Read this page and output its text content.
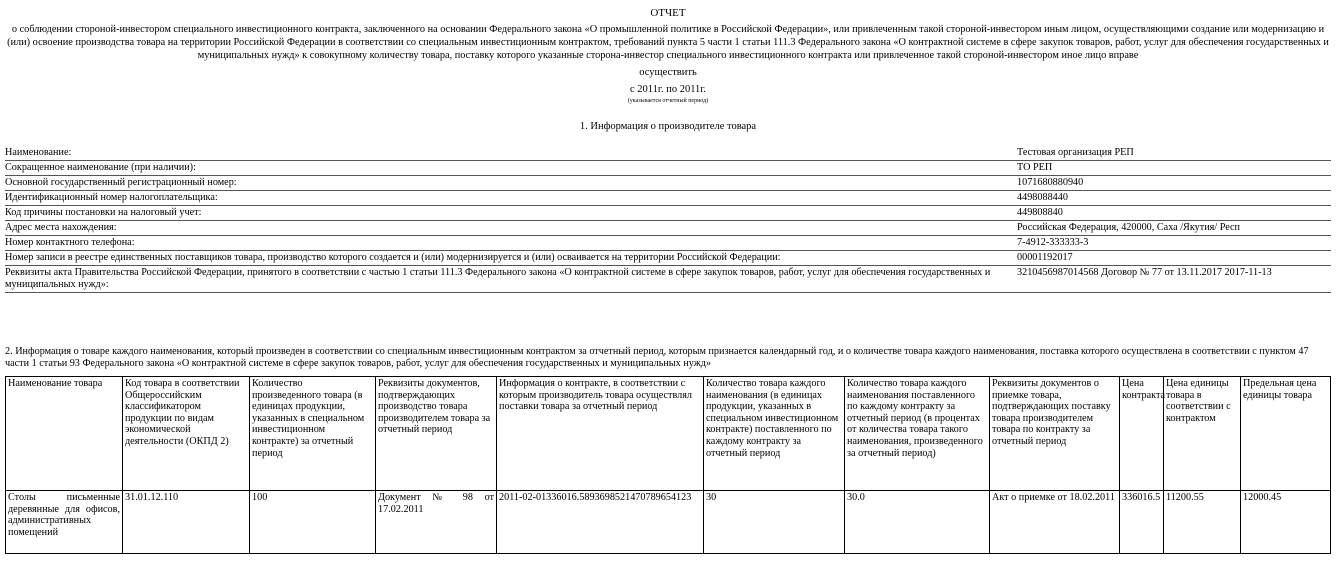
ОТЧЕТ
о соблюдении стороной-инвестором специального инвестиционного контракта, заключенного на основании Федерального закона «О промышленной политике в Российской Федерации», или привлеченным такой стороной-инвестором иным лицом, осуществляющими создание или модернизацию и (или) освоение производства товара на территории Российской Федерации в соответствии со специальным инвестиционным контрактом, требований пункта 5 части 1 статьи 111.3 Федерального закона «О контрактной системе в сфере закупок товаров, работ, услуг для обеспечения государственных и муниципальных нужд» к совокупному количеству товара, поставку которого указанные сторона-инвестор специального инвестиционного контракта или привлеченное такой стороной-инвестором иное лицо вправе
осуществить
с 2011г. по 2011г.
(указывается отчетный период)
1. Информация о производителе товара
Наименование:	Тестовая организация РЕП
Сокращенное наименование (при наличии):	ТО РЕП
Основной государственный регистрационный номер:	1071680880940
Идентификационный номер налогоплательщика:	4498088440
Код причины постановки на налоговый учет:	449808840
Адрес места нахождения:	Российская Федерация, 420000, Саха /Якутия/ Респ
Номер контактного телефона:	7-4912-333333-3
Номер записи в реестре единственных поставщиков товара, производство которого создается и (или) модернизируется и (или) осваивается на территории Российской Федерации:	00001192017
Реквизиты акта Правительства Российской Федерации, принятого в соответствии с частью 1 статьи 111.3 Федерального закона «О контрактной системе в сфере закупок товаров, работ, услуг для обеспечения государственных и муниципальных нужд»:	3210456987014568 Договор № 77 от 13.11.2017 2017-11-13
2. Информация о товаре каждого наименования, который произведен в соответствии со специальным инвестиционным контрактом за отчетный период, которым признается календарный год, и о количестве товара каждого наименования, поставка которого осуществлена в соответствии с пунктом 47 части 1 статьи 93 Федерального закона «О контрактной системе в сфере закупок товаров, работ, услуг для обеспечения государственных и муниципальных нужд»
Наименование товара	Код товара в соответствии Общероссийским классификатором продукции по видам экономической деятельности (ОКПД 2)	Количество произведенного товара (в единицах продукции, указанных в специальном инвестиционном контракте) за отчетный период	Реквизиты документов, подтверждающих производство товара производителем товара за отчетный период	Информация о контракте, в соответствии с которым производитель товара осуществлял поставки товара за отчетный период	Количество товара каждого наименования (в единицах продукции, указанных в специальном инвестиционном контракте) поставленного по каждому контракту за отчетный период	Количество товара каждого наименования поставленного по каждому контракту за отчетный период (в процентах от количества товара такого наименования, произведенного за отчетный период)	Реквизиты документов о приемке товара, подтверждающих поставку товара производителем товара по контракту за отчетный период	Цена контракта	Цена единицы товара в соответствии с контрактом	Предельная цена единицы товара
Столы письменные деревянные для офисов, административных помещений	31.01.12.110	100	Документ № 98 от 17.02.2011	2011-02-01336016.5893698521470789654123	30	30.0	Акт о приемке от 18.02.2011	336016.5	11200.55	12000.45
